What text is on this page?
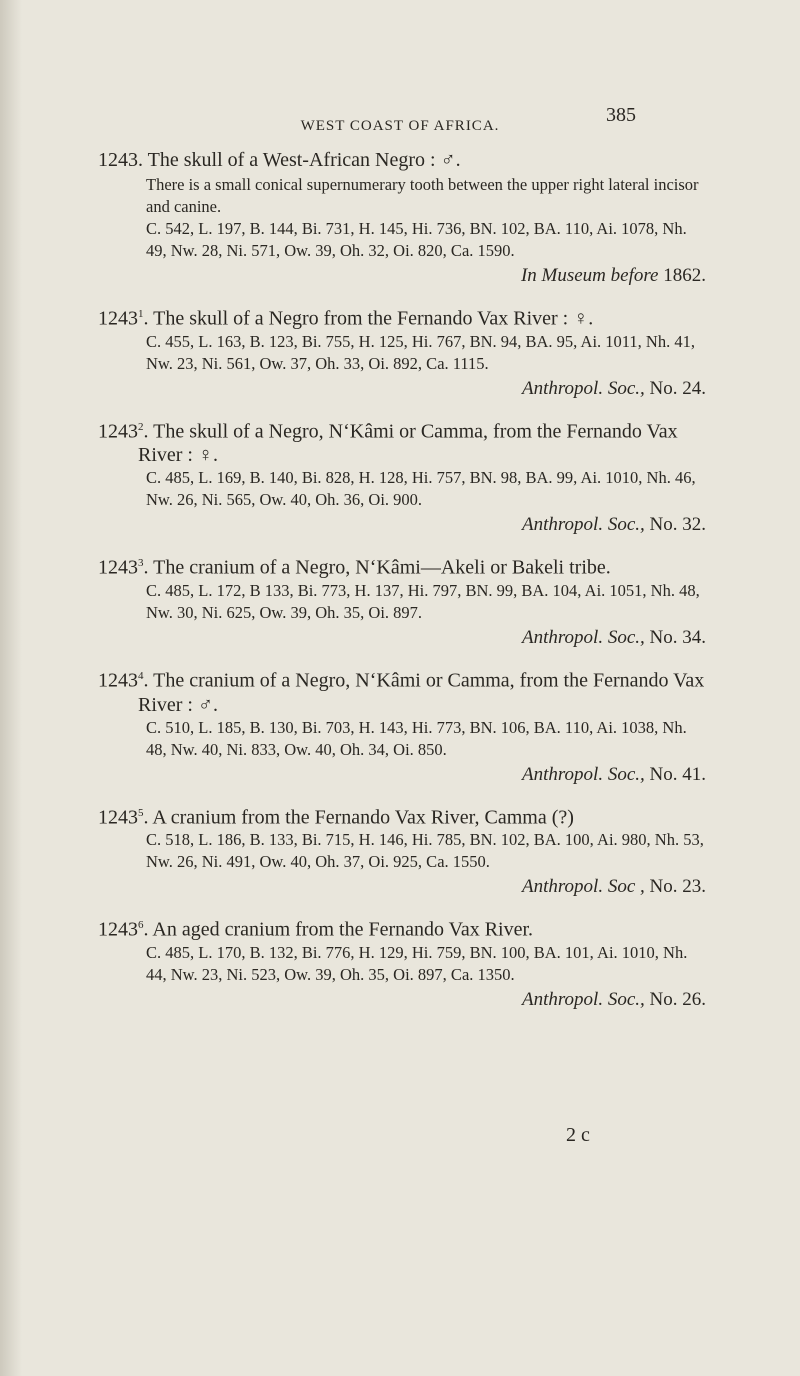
WEST COAST OF AFRICA.	385
1243. The skull of a West-African Negro : ♂.
There is a small conical supernumerary tooth between the upper right lateral incisor and canine.
C. 542, L. 197, B. 144, Bi. 731, H. 145, Hi. 736, BN. 102, BA. 110, Ai. 1078, Nh. 49, Nw. 28, Ni. 571, Ow. 39, Oh. 32, Oi. 820, Ca. 1590.
In Museum before 1862.
1243$^1$. The skull of a Negro from the Fernando Vax River : ♀.
C. 455, L. 163, B. 123, Bi. 755, H. 125, Hi. 767, BN. 94, BA. 95, Ai. 1011, Nh. 41, Nw. 23, Ni. 561, Ow. 37, Oh. 33, Oi. 892, Ca. 1115.
Anthropol. Soc., No. 24.
1243$^2$. The skull of a Negro, N‘Kâmi or Camma, from the Fernando Vax River : ♀.
C. 485, L. 169, B. 140, Bi. 828, H. 128, Hi. 757, BN. 98, BA. 99, Ai. 1010, Nh. 46, Nw. 26, Ni. 565, Ow. 40, Oh. 36, Oi. 900.
Anthropol. Soc., No. 32.
1243$^3$. The cranium of a Negro, N‘Kâmi—Akeli or Bakeli tribe.
C. 485, L. 172, B 133, Bi. 773, H. 137, Hi. 797, BN. 99, BA. 104, Ai. 1051, Nh. 48, Nw. 30, Ni. 625, Ow. 39, Oh. 35, Oi. 897.
Anthropol. Soc., No. 34.
1243$^4$. The cranium of a Negro, N‘Kâmi or Camma, from the Fernando Vax River : ♂.
C. 510, L. 185, B. 130, Bi. 703, H. 143, Hi. 773, BN. 106, BA. 110, Ai. 1038, Nh. 48, Nw. 40, Ni. 833, Ow. 40, Oh. 34, Oi. 850.
Anthropol. Soc., No. 41.
1243$^5$. A cranium from the Fernando Vax River, Camma (?)
C. 518, L. 186, B. 133, Bi. 715, H. 146, Hi. 785, BN. 102, BA. 100, Ai. 980, Nh. 53, Nw. 26, Ni. 491, Ow. 40, Oh. 37, Oi. 925, Ca. 1550.
Anthropol. Soc , No. 23.
1243$^6$. An aged cranium from the Fernando Vax River.
C. 485, L. 170, B. 132, Bi. 776, H. 129, Hi. 759, BN. 100, BA. 101, Ai. 1010, Nh. 44, Nw. 23, Ni. 523, Ow. 39, Oh. 35, Oi. 897, Ca. 1350.
Anthropol. Soc., No. 26.
2 c
